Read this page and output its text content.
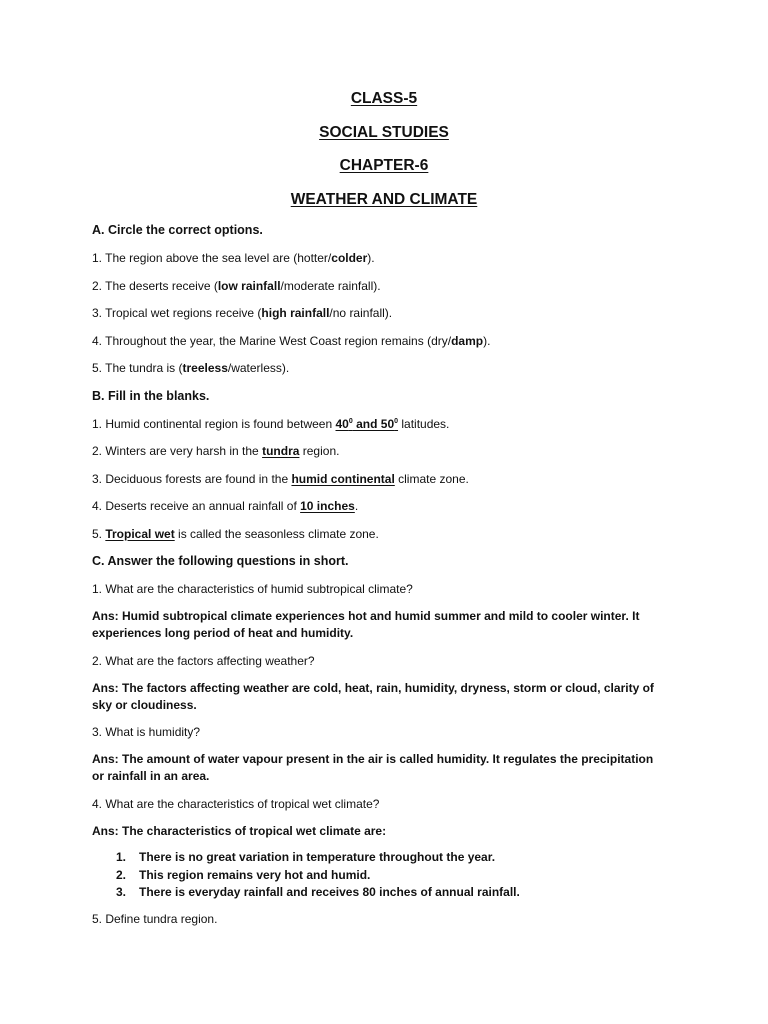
CLASS-5
SOCIAL STUDIES
CHAPTER-6
WEATHER AND CLIMATE

A. Circle the correct options.

1. The region above the sea level are (hotter/colder).

2. The deserts receive (low rainfall/moderate rainfall).

3. Tropical wet regions receive (high rainfall/no rainfall).

4. Throughout the year, the Marine West Coast region remains (dry/damp).

5. The tundra is (treeless/waterless).

B. Fill in the blanks.

1. Humid continental region is found between $40^0$ and $50^0$ latitudes.

2. Winters are very harsh in the tundra region.

3. Deciduous forests are found in the humid continental climate zone.

4. Deserts receive an annual rainfall of 10 inches.

5. Tropical wet is called the seasonless climate zone.

C. Answer the following questions in short.

1. What are the characteristics of humid subtropical climate?

Ans: Humid subtropical climate experiences hot and humid summer and mild to cooler winter. It

experiences long period of heat and humidity.

2. What are the factors affecting weather?

Ans: The factors affecting weather are cold, heat, rain, humidity, dryness, storm or cloud, clarity of

sky or cloudiness.

3. What is humidity?

Ans: The amount of water vapour present in the air is called humidity. It regulates the precipitation

or rainfall in an area.

4. What are the characteristics of tropical wet climate?

Ans: The characteristics of tropical wet climate are:

1. There is no great variation in temperature throughout the year.
2. This region remains very hot and humid.
3. There is everyday rainfall and receives 80 inches of annual rainfall.

5. Define tundra region.
